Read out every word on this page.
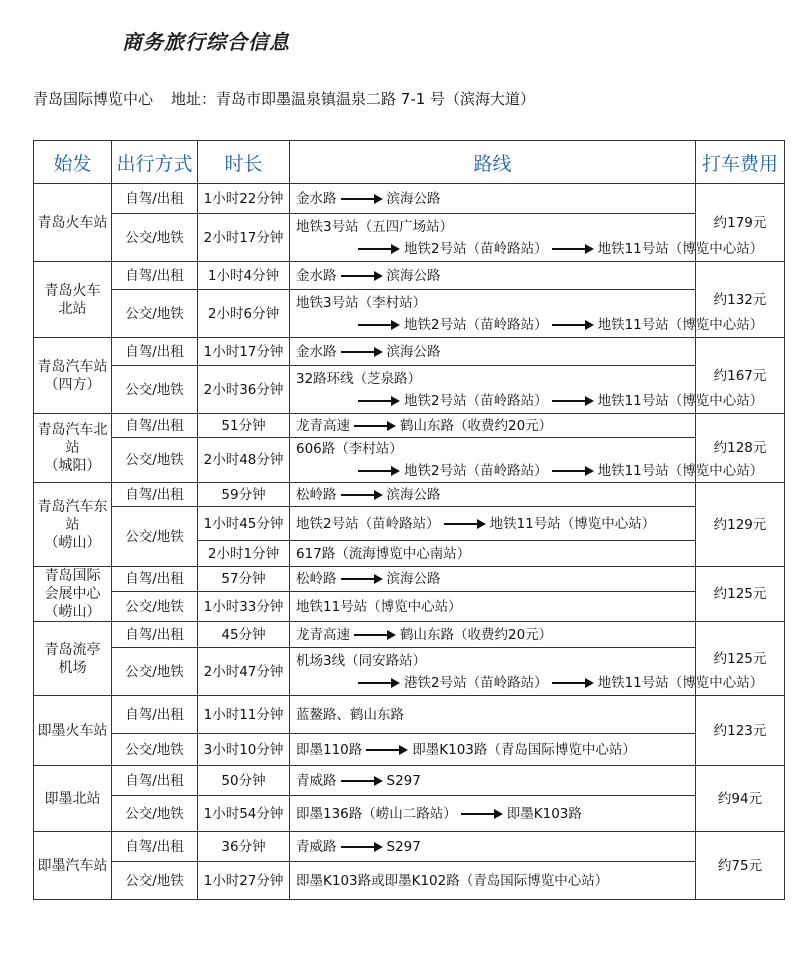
商务旅行综合信息
青岛国际博览中心 地址：青岛市即墨温泉镇温泉二路 7-1 号（滨海大道）
始发	出行方式	时长	路线	打车费用
青岛火车站	自驾/出租	1小时22分钟	金水路 滨海公路	约179元
	公交/地铁	2小时17分钟	地铁3号站（五四广场站）
地铁2号站（苗岭路站） 地铁11号站（博览中心站）	
青岛火车
北站	自驾/出租	1小时4分钟	金水路 滨海公路	约132元
	公交/地铁	2小时6分钟	地铁3号站（李村站）
地铁2号站（苗岭路站） 地铁11号站（博览中心站）	
青岛汽车站
（四方）	自驾/出租	1小时17分钟	金水路 滨海公路	约167元
	公交/地铁	2小时36分钟	32路环线（芝泉路）
地铁2号站（苗岭路站） 地铁11号站（博览中心站）	
青岛汽车北站
（城阳）	自驾/出租	51分钟	龙青高速 鹤山东路（收费约20元）	约128元
	公交/地铁	2小时48分钟	606路（李村站）
地铁2号站（苗岭路站） 地铁11号站（博览中心站）	
青岛汽车东站
（崂山）	自驾/出租	59分钟	松岭路 滨海公路	约129元
	公交/地铁	1小时45分钟	地铁2号站（苗岭路站） 地铁11号站（博览中心站）	
		2小时1分钟	617路（流海博览中心南站）	
青岛国际
会展中心
（崂山）	自驾/出租	57分钟	松岭路 滨海公路	约125元
	公交/地铁	1小时33分钟	地铁11号站（博览中心站）	
青岛流亭
机场	自驾/出租	45分钟	龙青高速 鹤山东路（收费约20元）	约125元
	公交/地铁	2小时47分钟	机场3线（同安路站）
港铁2号站（苗岭路站） 地铁11号站（博览中心站）	
即墨火车站	自驾/出租	1小时11分钟	蓝鳌路、鹤山东路	约123元
	公交/地铁	3小时10分钟	即墨110路 即墨K103路（青岛国际博览中心站）	
即墨北站	自驾/出租	50分钟	青威路 S297	约94元
	公交/地铁	1小时54分钟	即墨136路（崂山二路站） 即墨K103路	
即墨汽车站	自驾/出租	36分钟	青威路 S297	约75元
	公交/地铁	1小时27分钟	即墨K103路或即墨K102路（青岛国际博览中心站）	
